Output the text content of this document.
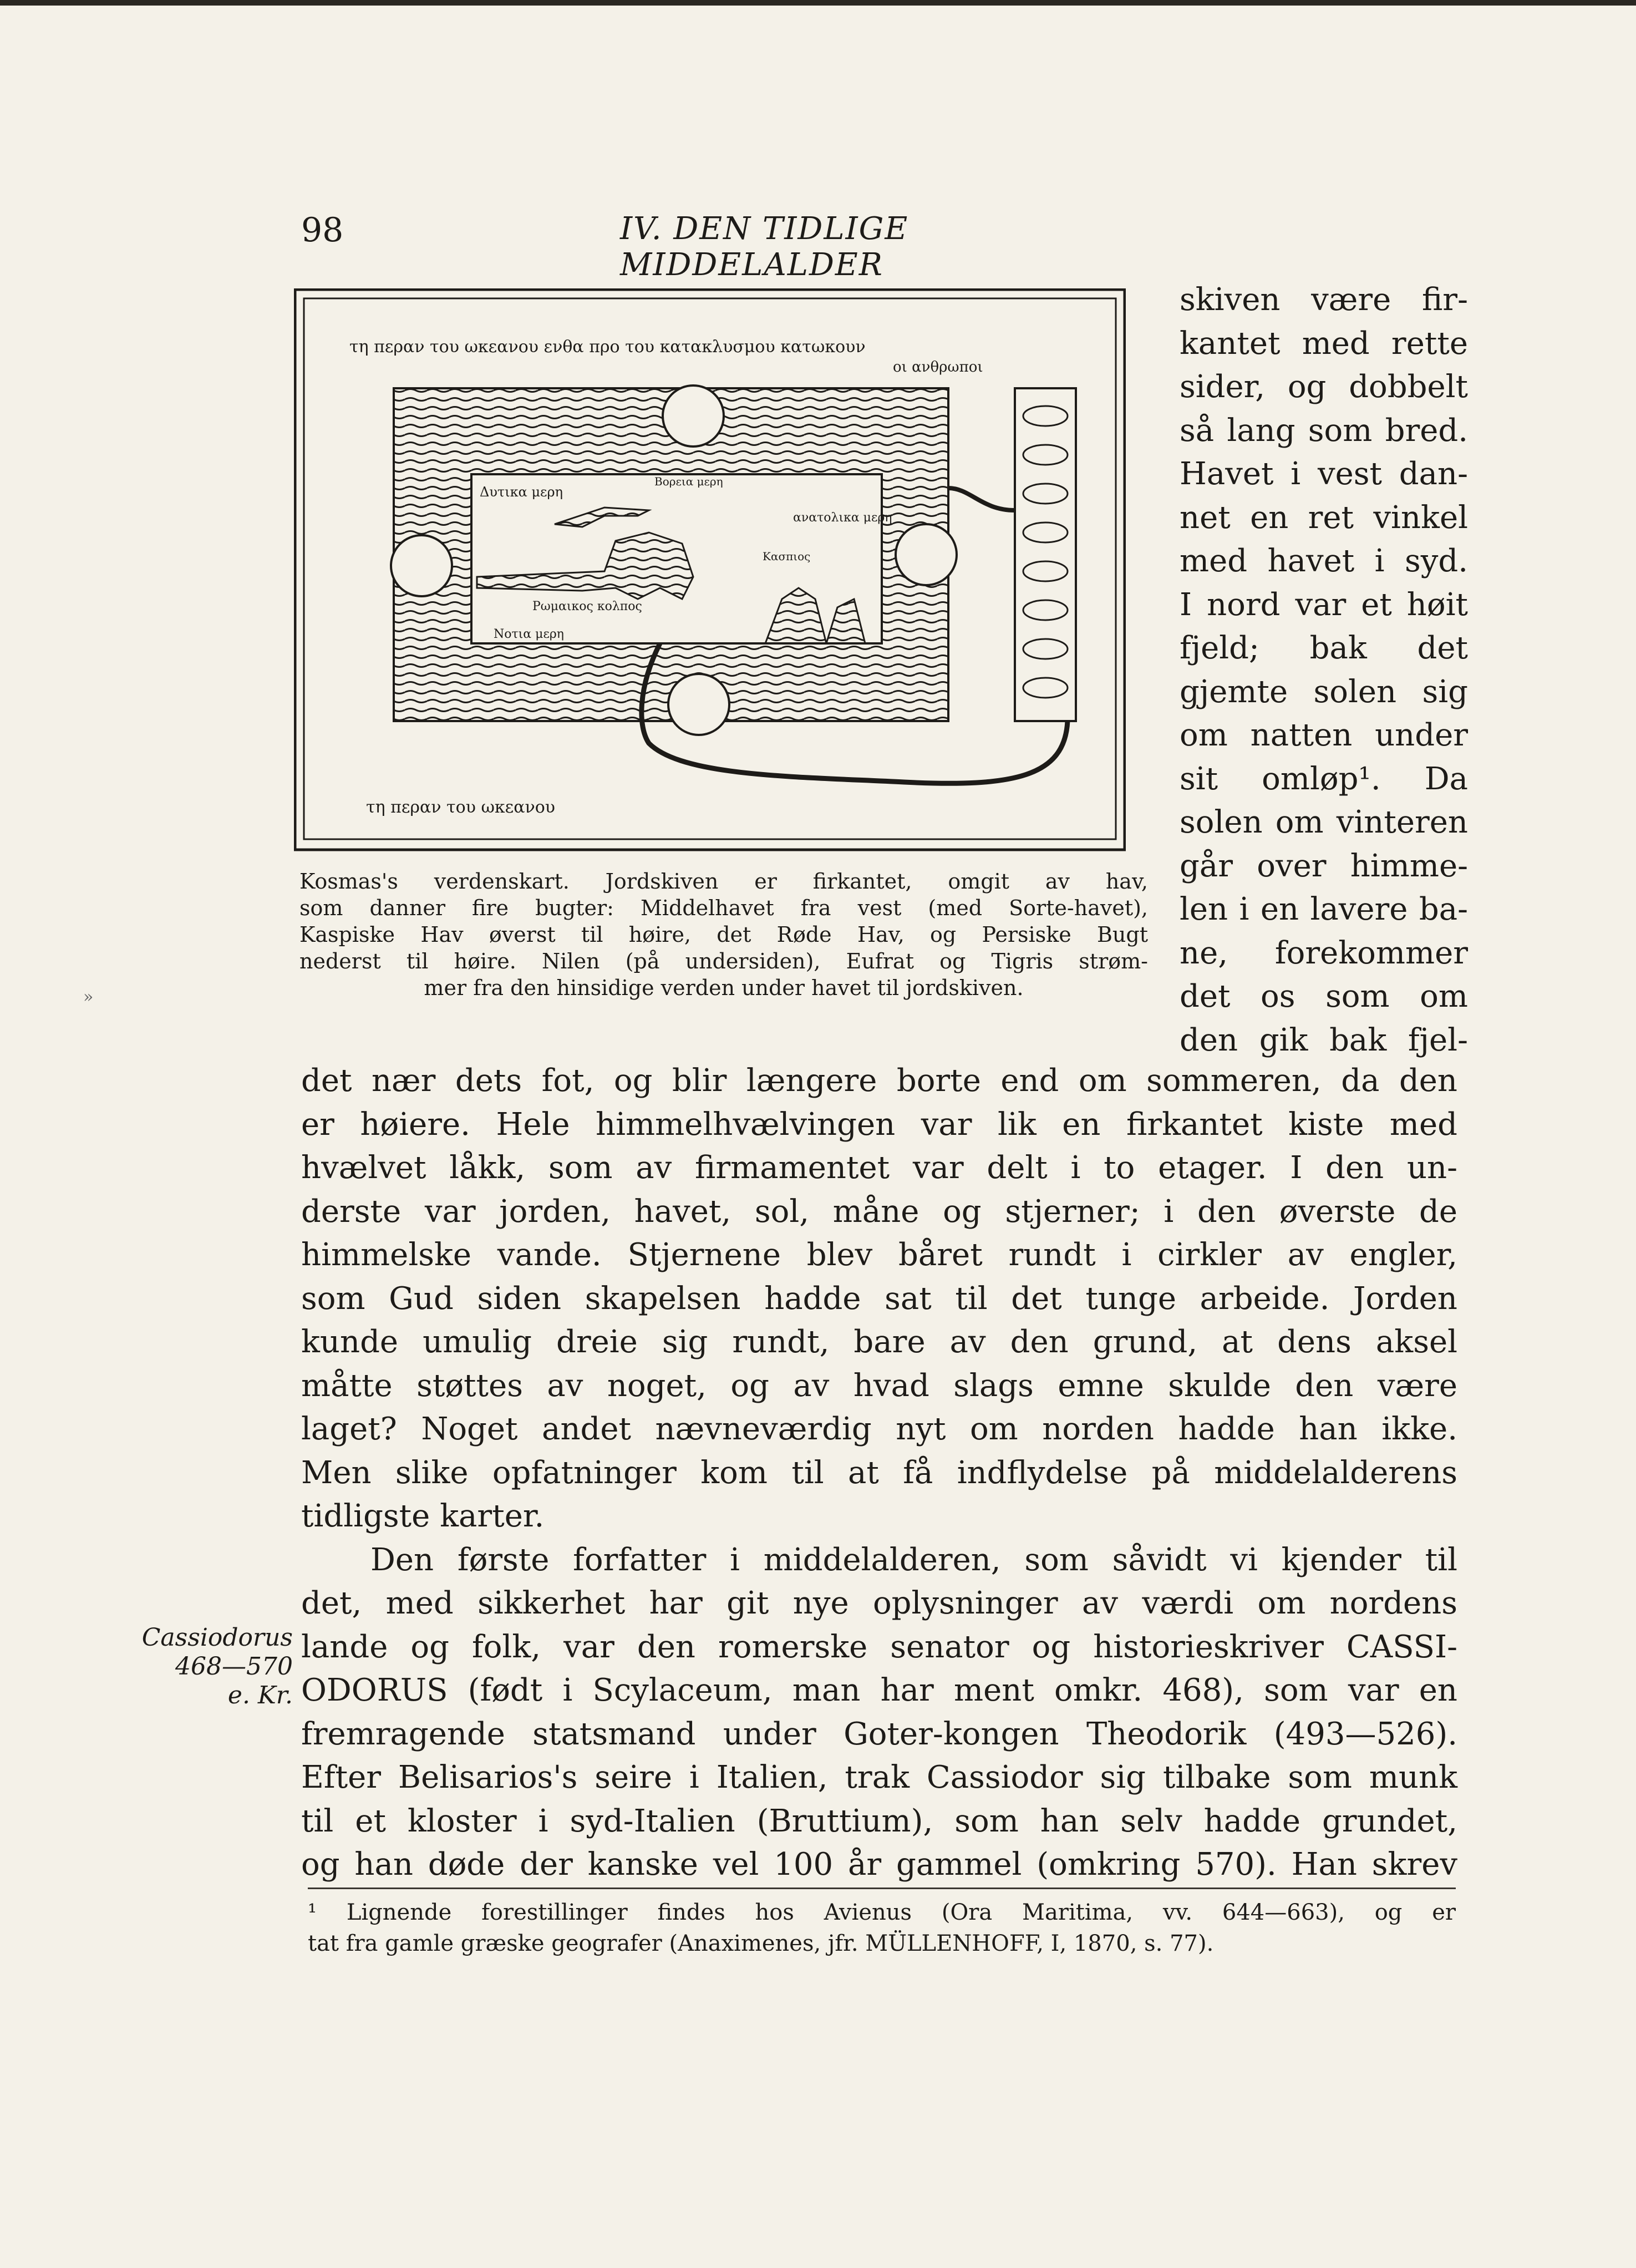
98	IV. DEN TIDLIGE MIDDELALDER
τη περαν του ωκεανου ενθα προ του κατακλυσμου κατωκουν
οι ανθρωποι
τη περαν του ωκεανου
Δυτικα μερη
Βορεια μερη
ανατολικα μερη
Νοτια μερη
Κασπιος
Ρωμαικος κολπος
Kosmas's verdenskart. Jordskiven er firkantet, omgit av hav,
som danner fire bugter: Middelhavet fra vest (med Sorte-havet),
Kaspiske Hav øverst til høire, det Røde Hav, og Persiske Bugt
nederst til høire. Nilen (på undersiden), Eufrat og Tigris strøm-
mer fra den hinsidige verden under havet til jordskiven.
skiven være fir-
kantet med rette
sider, og dobbelt
så lang som bred.
Havet i vest dan-
net en ret vinkel
med havet i syd.
I nord var et høit
fjeld; bak det
gjemte solen sig
om natten under
sit omløp¹. Da
solen om vinteren
går over himme-
len i en lavere ba-
ne, forekommer
det os som om
den gik bak fjel-
det nær dets fot, og blir længere borte end om sommeren, da den
er høiere. Hele himmelhvælvingen var lik en firkantet kiste med
hvælvet låkk, som av firmamentet var delt i to etager. I den un-
derste var jorden, havet, sol, måne og stjerner; i den øverste de
himmelske vande. Stjernene blev båret rundt i cirkler av engler,
som Gud siden skapelsen hadde sat til det tunge arbeide. Jorden
kunde umulig dreie sig rundt, bare av den grund, at dens aksel
måtte støttes av noget, og av hvad slags emne skulde den være
laget? Noget andet nævneværdig nyt om norden hadde han ikke.
Men slike opfatninger kom til at få indflydelse på middelalderens
tidligste karter.
Den første forfatter i middelalderen, som såvidt vi kjender til
det, med sikkerhet har git nye oplysninger av værdi om nordens
lande og folk, var den romerske senator og historieskriver CASSI-
ODORUS (født i Scylaceum, man har ment omkr. 468), som var en
fremragende statsmand under Goter-kongen Theodorik (493—526).
Efter Belisarios's seire i Italien, trak Cassiodor sig tilbake som munk
til et kloster i syd-Italien (Bruttium), som han selv hadde grundet,
og han døde der kanske vel 100 år gammel (omkring 570). Han skrev
Cassiodorus
468—570
e. Kr.
»
¹ Lignende forestillinger findes hos Avienus (Ora Maritima, vv. 644—663), og er
tat fra gamle græske geografer (Anaximenes, jfr. MÜLLENHOFF, I, 1870, s. 77).
